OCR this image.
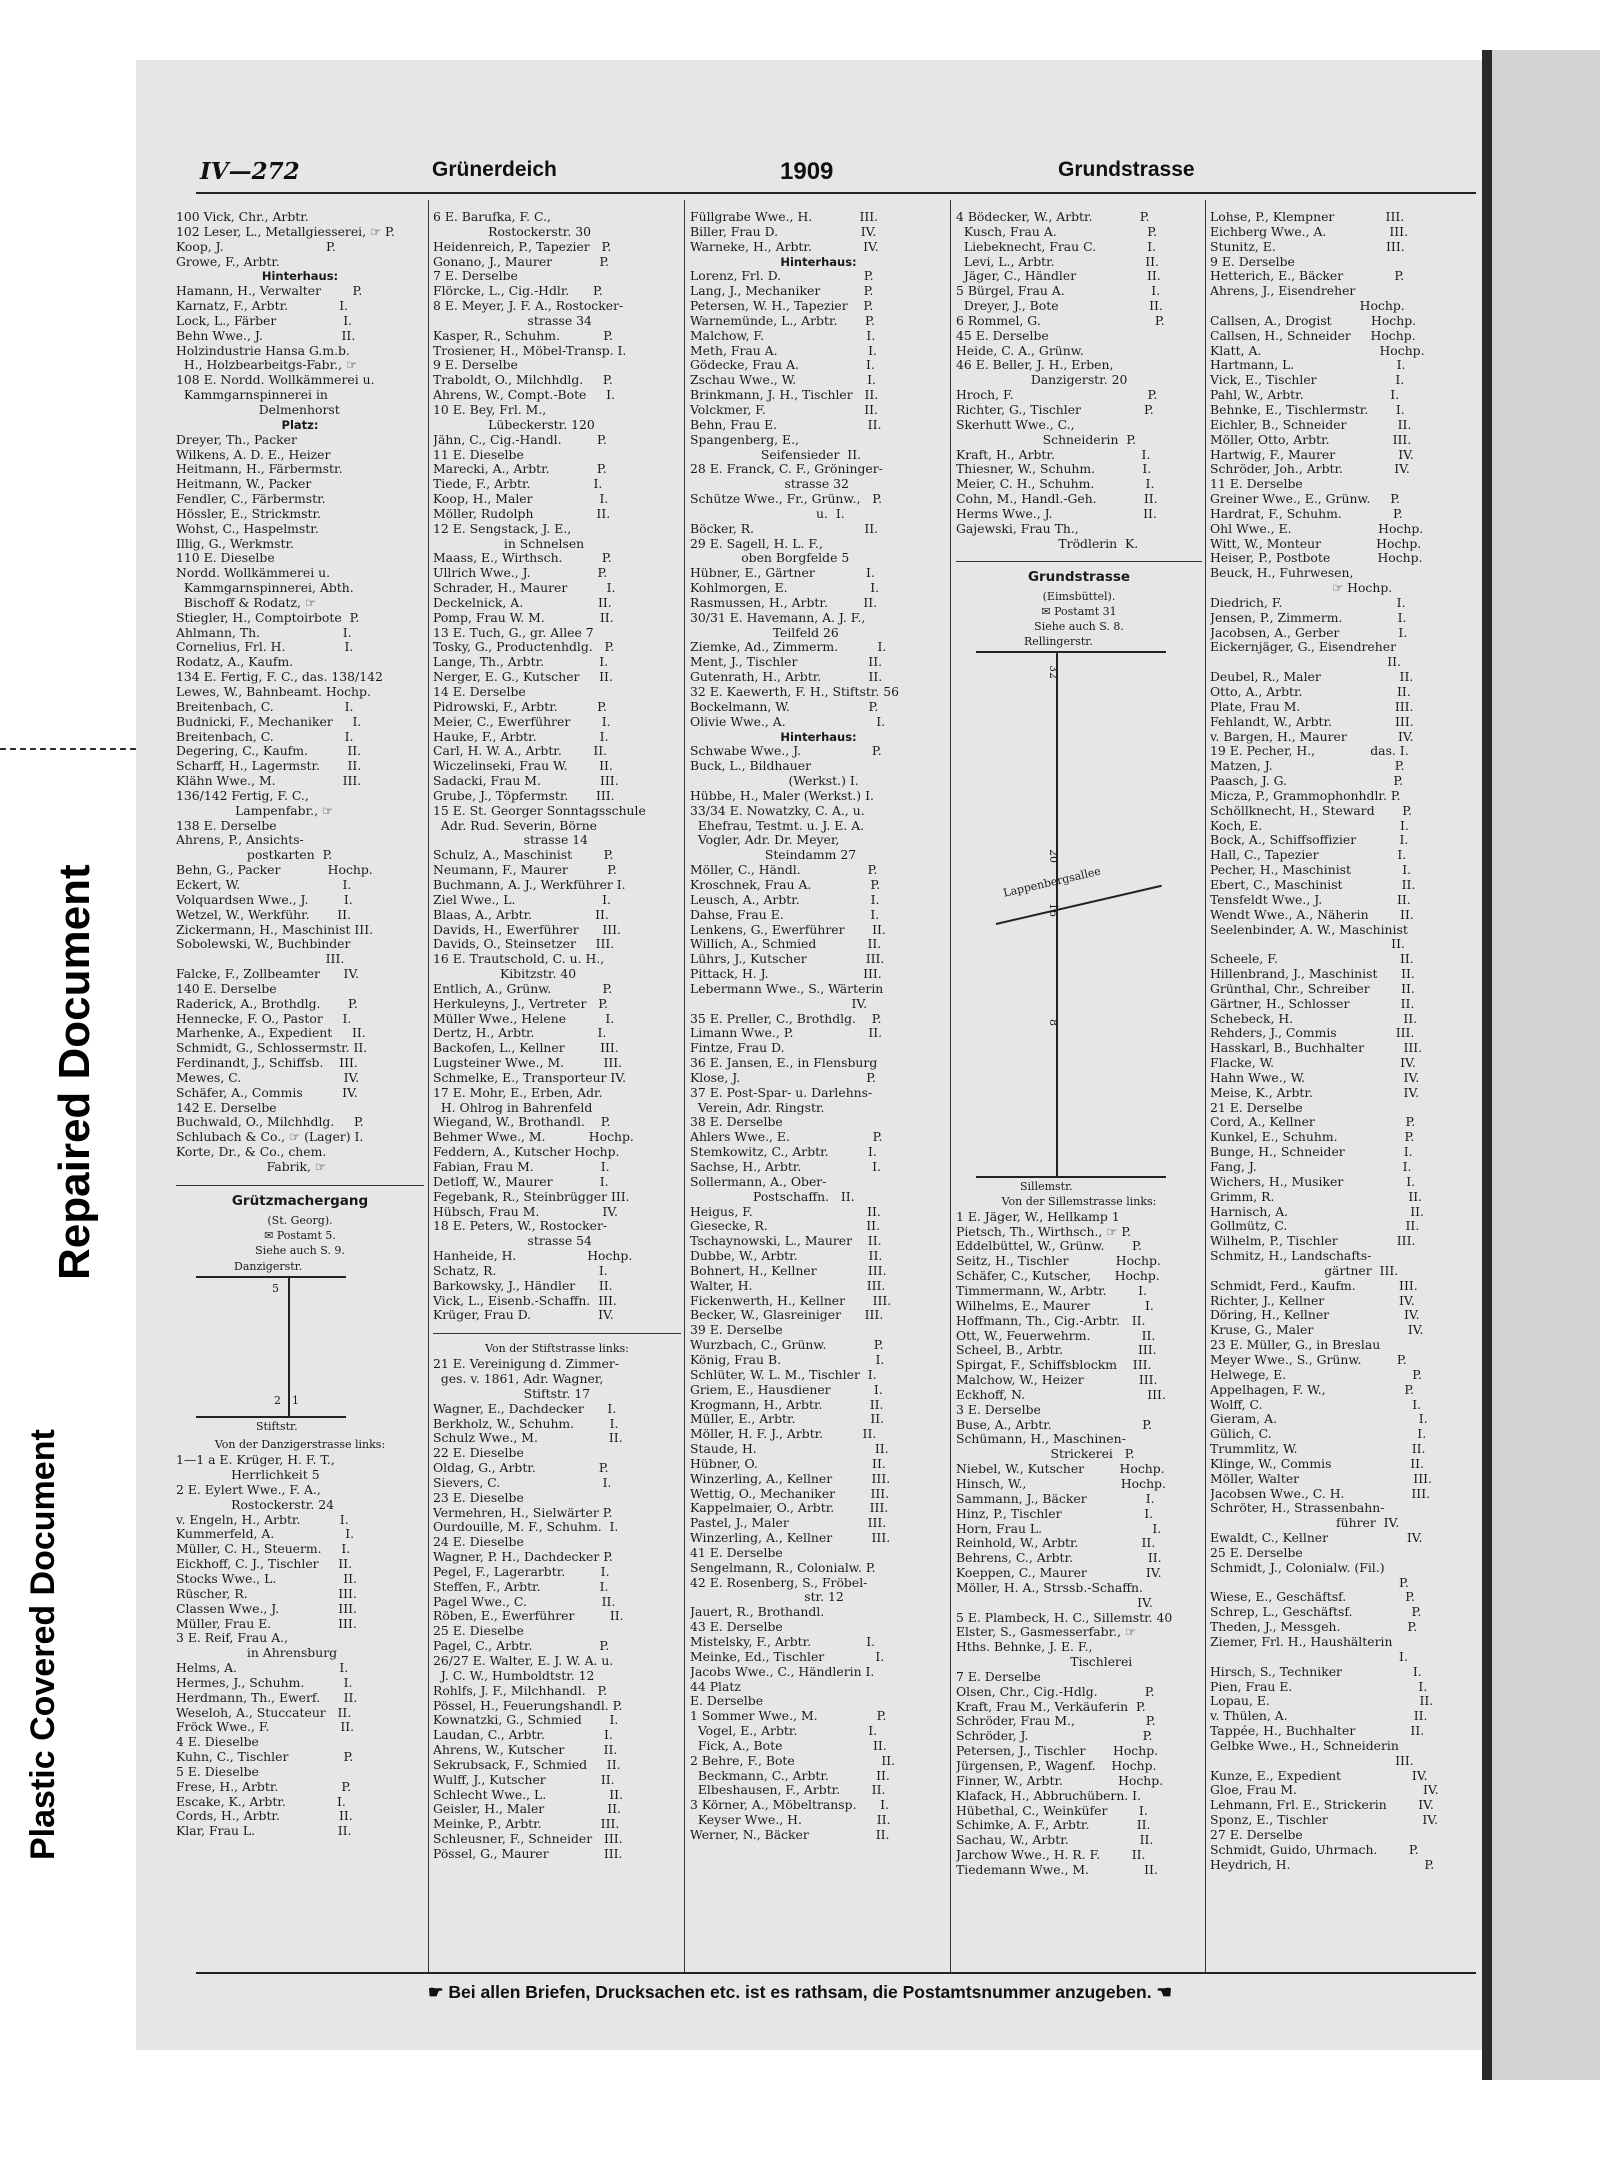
Repaired Document
Plastic Covered Document
IV—272	Grünerdeich	1909	Grundstrasse
100 Vick, Chr., Arbtr.
102 Leser, L., Metallgiesserei, ☞ P.
Koop, J.                          P.
Growe, F., Arbtr.
Hinterhaus:
Hamann, H., Verwalter        P.
Karnatz, F., Arbtr.             I.
Lock, L., Färber                 I.
Behn Wwe., J.                    II.
Holzindustrie Hansa G.m.b.
H., Holzbearbeitgs-Fabr., ☞
108 E. Nordd. Wollkämmerei u.
Kammgarnspinnerei in
Delmenhorst
Platz:
Dreyer, Th., Packer
Wilkens, A. D. E., Heizer
Heitmann, H., Färbermstr.
Heitmann, W., Packer
Fendler, C., Färbermstr.
Hössler, E., Strickmstr.
Wohst, C., Haspelmstr.
Illig, G., Werkmstr.
110 E. Dieselbe
Nordd. Wollkämmerei u.
Kammgarnspinnerei, Abth.
Bischoff & Rodatz, ☞
Stiegler, H., Comptoirbote  P.
Ahlmann, Th.                     I.
Cornelius, Frl. H.               I.
Rodatz, A., Kaufm.
134 E. Fertig, F. C., das. 138/142
Lewes, W., Bahnbeamt. Hochp.
Breitenbach, C.                  I.
Budnicki, F., Mechaniker     I.
Breitenbach, C.                  I.
Degering, C., Kaufm.          II.
Scharff, H., Lagermstr.       II.
Klähn Wwe., M.                 III.
136/142 Fertig, F. C.,
Lampenfabr., ☞
138 E. Derselbe
Ahrens, P., Ansichts-
postkarten  P.
Behn, G., Packer            Hochp.
Eckert, W.                          I.
Volquardsen Wwe., J.         I.
Wetzel, W., Werkführ.       II.
Zickermann, H., Maschinist III.
Sobolewski, W., Buchbinder
III.
Falcke, F., Zollbeamter      IV.
140 E. Derselbe
Raderick, A., Brothdlg.       P.
Hennecke, F. O., Pastor     I.
Marhenke, A., Expedient     II.
Schmidt, G., Schlossermstr. II.
Ferdinandt, J., Schiffsb.    III.
Mewes, C.                          IV.
Schäfer, A., Commis          IV.
142 E. Derselbe
Buchwald, O., Milchhdlg.     P.
Schlubach & Co., ☞ (Lager) I.
Korte, Dr., & Co., chem.
Fabrik, ☞
Grützmachergang
(St. Georg).
✉ Postamt 5.
Siehe auch S. 9.
Danzigerstr.
5
2 1
Stiftstr.
Von der Danzigerstrasse links:
1—1 a E. Krüger, H. F. T.,
Herrlichkeit 5
2 E. Eylert Wwe., F. A.,
Rostockerstr. 24
v. Engeln, H., Arbtr.          I.
Kummerfeld, A.                  I.
Müller, C. H., Steuerm.     I.
Eickhoff, C. J., Tischler     II.
Stocks Wwe., L.                 II.
Rüscher, R.                       III.
Classen Wwe., J.               III.
Müller, Frau E.                 III.
3 E. Reif, Frau A.,
in Ahrensburg
Helms, A.                          I.
Hermes, J., Schuhm.          I.
Herdmann, Th., Ewerf.      II.
Weseloh, A., Stuccateur   II.
Fröck Wwe., F.                  II.
4 E. Dieselbe
Kuhn, C., Tischler              P.
5 E. Dieselbe
Frese, H., Arbtr.                P.
Escake, K., Arbtr.             I.
Cords, H., Arbtr.               II.
Klar, Frau L.                     II.
6 E. Barufka, F. C.,
Rostockerstr. 30
Heidenreich, P., Tapezier   P.
Gonano, J., Maurer            P.
7 E. Derselbe
Flörcke, L., Cig.-Hdlr.      P.
8 E. Meyer, J. F. A., Rostocker-
strasse 34
Kasper, R., Schuhm.           P.
Trosiener, H., Möbel-Transp. I.
9 E. Derselbe
Traboldt, O., Milchhdlg.     P.
Ahrens, W., Compt.-Bote     I.
10 E. Bey, Frl. M.,
Lübeckerstr. 120
Jähn, C., Cig.-Handl.         P.
11 E. Dieselbe
Marecki, A., Arbtr.            P.
Tiede, F., Arbtr.                I.
Koop, H., Maler                 I.
Möller, Rudolph                II.
12 E. Sengstack, J. E.,
in Schnelsen
Maass, E., Wirthsch.          P.
Ullrich Wwe., J.                 P.
Schrader, H., Maurer          I.
Deckelnick, A.                   II.
Pomp, Frau W. M.              II.
13 E. Tuch, G., gr. Allee 7
Tosky, G., Productenhdlg.   P.
Lange, Th., Arbtr.              I.
Nerger, E. G., Kutscher     II.
14 E. Derselbe
Pidrowski, F., Arbtr.          P.
Meier, C., Ewerführer        I.
Hauke, F., Arbtr.                I.
Carl, H. W. A., Arbtr.        II.
Wiczelinseki, Frau W.        II.
Sadacki, Frau M.               III.
Grube, J., Töpfermstr.       III.
15 E. St. Georger Sonntagsschule
Adr. Rud. Severin, Börne
strasse 14
Schulz, A., Maschinist        P.
Neumann, F., Maurer          P.
Buchmann, A. J., Werkführer I.
Ziel Wwe., L.                      I.
Blaas, A., Arbtr.                II.
Davids, H., Ewerführer      III.
Davids, O., Steinsetzer     III.
16 E. Trautschold, C. u. H.,
Kibitzstr. 40
Entlich, A., Grünw.             P.
Herkuleyns, J., Vertreter   P.
Müller Wwe., Helene          I.
Dertz, H., Arbtr.                I.
Backofen, L., Kellner         III.
Lugsteiner Wwe., M.          III.
Schmelke, E., Transporteur IV.
17 E. Mohr, E., Erben, Adr.
H. Ohlrog in Bahrenfeld
Wiegand, W., Brothandl.    P.
Behmer Wwe., M.           Hochp.
Feddern, A., Kutscher Hochp.
Fabian, Frau M.                 I.
Detloff, W., Maurer            I.
Fegebank, R., Steinbrügger III.
Hübsch, Frau M.                IV.
18 E. Peters, W., Rostocker-
strasse 54
Hanheide, H.                  Hochp.
Schatz, R.                          I.
Barkowsky, J., Händler      II.
Vick, L., Eisenb.-Schaffn.  III.
Krüger, Frau D.                 IV.
Von der Stiftstrasse links:
21 E. Vereinigung d. Zimmer-
ges. v. 1861, Adr. Wagner,
Stiftstr. 17
Wagner, E., Dachdecker      I.
Berkholz, W., Schuhm.         I.
Schulz Wwe., M.                  II.
22 E. Dieselbe
Oldag, G., Arbtr.                P.
Sievers, C.                          I.
23 E. Dieselbe
Vermehren, H., Sielwärter P.
Ourdouille, M. F., Schuhm.  I.
24 E. Dieselbe
Wagner, P. H., Dachdecker P.
Pegel, F., Lagerarbtr.         I.
Steffen, F., Arbtr.               I.
Pagel Wwe., C.                   II.
Röben, E., Ewerführer         II.
25 E. Dieselbe
Pagel, C., Arbtr.                 P.
26/27 E. Walter, E. J. W. A. u.
J. C. W., Humboldtstr. 12
Rohlfs, J. F., Milchhandl.   P.
Pössel, H., Feuerungshandl. P.
Kownatzki, G., Schmied       I.
Laudan, C., Arbtr.               I.
Ahrens, W., Kutscher          II.
Sekrubsack, F., Schmied     II.
Wulff, J., Kutscher              II.
Schlecht Wwe., L.                II.
Geisler, H., Maler                II.
Meinke, P., Arbtr.               III.
Schleusner, F., Schneider   III.
Pössel, G., Maurer              III.
Füllgrabe Wwe., H.            III.
Biller, Frau D.                     IV.
Warneke, H., Arbtr.             IV.
Hinterhaus:
Lorenz, Frl. D.                     P.
Lang, J., Mechaniker           P.
Petersen, W. H., Tapezier    P.
Warnemünde, L., Arbtr.       P.
Malchow, F.                          I.
Meth, Frau A.                       I.
Gödecke, Frau A.                 I.
Zschau Wwe., W.                  I.
Brinkmann, J. H., Tischler   II.
Volckmer, F.                         II.
Behn, Frau E.                       II.
Spangenberg, E.,
Seifensieder  II.
28 E. Franck, C. F., Gröninger-
strasse 32
Schütze Wwe., Fr., Grünw.,   P.
u.  I.
Böcker, R.                            II.
29 E. Sagell, H. L. F.,
oben Borgfelde 5
Hübner, E., Gärtner             I.
Kohlmorgen, E.                     I.
Rasmussen, H., Arbtr.         II.
30/31 E. Havemann, A. J. F.,
Teilfeld 26
Ziemke, Ad., Zimmerm.          I.
Ment, J., Tischler                  II.
Gutenrath, H., Arbtr.            II.
32 E. Kaewerth, F. H., Stiftstr. 56
Bockelmann, W.                    P.
Olivie Wwe., A.                       I.
Hinterhaus:
Schwabe Wwe., J.                  P.
Buck, L., Bildhauer
(Werkst.) I.
Hübbe, H., Maler (Werkst.) I.
33/34 E. Nowatzky, C. A., u.
Ehefrau, Testmt. u. J. E. A.
Vogler, Adr. Dr. Meyer,
Steindamm 27
Möller, C., Händl.                 P.
Kroschnek, Frau A.               P.
Leusch, A., Arbtr.                  I.
Dahse, Frau E.                      I.
Lenkens, G., Ewerführer       II.
Willich, A., Schmied             II.
Lührs, J., Kutscher               III.
Pittack, H. J.                        III.
Lebermann Wwe., S., Wärterin
IV.
35 E. Preller, C., Brothdlg.    P.
Limann Wwe., P.                   II.
Fintze, Frau D.
36 E. Jansen, E., in Flensburg
Klose, J.                                P.
37 E. Post-Spar- u. Darlehns-
Verein, Adr. Ringstr.
38 E. Derselbe
Ahlers Wwe., E.                     P.
Stemkowitz, C., Arbtr.          I.
Sachse, H., Arbtr.                  I.
Sollermann, A., Ober-
Postschaffn.   II.
Heigus, F.                             II.
Giesecke, R.                         II.
Tschaynowski, L., Maurer    II.
Dubbe, W., Arbtr.                  II.
Bohnert, H., Kellner             III.
Walter, H.                             III.
Fickenwerth, H., Kellner       III.
Becker, W., Glasreiniger      III.
39 E. Derselbe
Wurzbach, C., Grünw.            P.
König, Frau B.                        I.
Schlüter, W. L. M., Tischler  I.
Griem, E., Hausdiener           I.
Krogmann, H., Arbtr.            II.
Müller, E., Arbtr.                   II.
Möller, H. F. J., Arbtr.          II.
Staude, H.                              II.
Hübner, O.                             II.
Winzerling, A., Kellner          III.
Wettig, O., Mechaniker         III.
Kappelmaier, O., Arbtr.         III.
Pastel, J., Maler                    III.
Winzerling, A., Kellner          III.
41 E. Derselbe
Sengelmann, R., Colonialw. P.
42 E. Rosenberg, S., Fröbel-
str. 12
Jauert, R., Brothandl.
43 E. Derselbe
Mistelsky, F., Arbtr.              I.
Meinke, Ed., Tischler             I.
Jacobs Wwe., C., Händlerin I.
44 Platz
E. Derselbe
1 Sommer Wwe., M.               P.
Vogel, E., Arbtr.                  I.
Fick, A., Bote                       II.
2 Behre, F., Bote                      II.
Beckmann, C., Arbtr.            II.
Elbeshausen, F., Arbtr.        II.
3 Körner, A., Möbeltransp.      I.
Keyser Wwe., H.                   II.
Werner, N., Bäcker                 II.
4 Bödecker, W., Arbtr.            P.
Kusch, Frau A.                       P.
Liebeknecht, Frau C.             I.
Levi, L., Arbtr.                       II.
Jäger, C., Händler                  II.
5 Bürgel, Frau A.                      I.
Dreyer, J., Bote                       II.
6 Rommel, G.                             P.
45 E. Derselbe
Heide, C. A., Grünw.
46 E. Beller, J. H., Erben,
Danzigerstr. 20
Hroch, F.                                  P.
Richter, G., Tischler                P.
Skerhutt Wwe., C.,
Schneiderin  P.
Kraft, H., Arbtr.                      I.
Thiesner, W., Schuhm.            I.
Meier, C. H., Schuhm.             I.
Cohn, M., Handl.-Geh.            II.
Herms Wwe., J.                       II.
Gajewski, Frau Th.,
Trödlerin  K.
Grundstrasse
(Eimsbüttel).
✉ Postamt 31
Siehe auch S. 8.
Rellingerstr.
32
Lappenbergsallee
20
16
8
Sillemstr.
Von der Sillemstrasse links:
1 E. Jäger, W., Hellkamp 1
Pietsch, Th., Wirthsch., ☞ P.
Eddelbüttel, W., Grünw.       P.
Seitz, H., Tischler            Hochp.
Schäfer, C., Kutscher,      Hochp.
Timmermann, W., Arbtr.        I.
Wilhelms, E., Maurer              I.
Hoffmann, Th., Cig.-Arbtr.   II.
Ott, W., Feuerwehrm.             II.
Scheel, B., Arbtr.                   III.
Spirgat, F., Schiffsblockm    III.
Malchow, W., Heizer              III.
Eckhoff, N.                               III.
3 E. Derselbe
Buse, A., Arbtr.                       P.
Schümann, H., Maschinen-
Strickerei   P.
Niebel, W., Kutscher         Hochp.
Hinsch, W.,                        Hochp.
Sammann, J., Bäcker               I.
Hinz, P., Tischler                     I.
Horn, Frau L.                            I.
Reinhold, W., Arbtr.                II.
Behrens, C., Arbtr.                   II.
Koeppen, C., Maurer               IV.
Möller, H. A., Strssb.-Schaffn.
IV.
5 E. Plambeck, H. C., Sillemstr. 40
Elster, S., Gasmesserfabr., ☞
Hths. Behnke, J. E. F.,
Tischlerei
7 E. Derselbe
Olsen, Chr., Cig.-Hdlg.            P.
Kraft, Frau M., Verkäuferin  P.
Schröder, Frau M.,                  P.
Schröder, J.                             P.
Petersen, J., Tischler       Hochp.
Jürgensen, P., Wagenf.    Hochp.
Finner, W., Arbtr.              Hochp.
Klafack, H., Abbruchübern. I.
Hübethal, C., Weinküfer        I.
Schimke, A. F., Arbtr.            II.
Sachau, W., Arbtr.                  II.
Jarchow Wwe., H. R. F.        II.
Tiedemann Wwe., M.              II.
Lohse, P., Klempner             III.
Eichberg Wwe., A.                III.
Stunitz, E.                            III.
9 E. Derselbe
Hetterich, E., Bäcker             P.
Ahrens, J., Eisendreher
Hochp.
Callsen, A., Drogist          Hochp.
Callsen, H., Schneider     Hochp.
Klatt, A.                              Hochp.
Hartmann, L.                          I.
Vick, E., Tischler                    I.
Pahl, W., Arbtr.                      I.
Behnke, E., Tischlermstr.       I.
Eichler, B., Schneider             II.
Möller, Otto, Arbtr.                III.
Hartwig, F., Maurer                IV.
Schröder, Joh., Arbtr.             IV.
11 E. Derselbe
Greiner Wwe., E., Grünw.     P.
Hardrat, F., Schuhm.             P.
Ohl Wwe., E.                      Hochp.
Witt, W., Monteur              Hochp.
Heiser, P., Postbote            Hochp.
Beuck, H., Fuhrwesen,
☞ Hochp.
Diedrich, F.                             I.
Jensen, P., Zimmerm.              I.
Jacobsen, A., Gerber               I.
Eickernjäger, G., Eisendreher
II.
Deubel, R., Maler                    II.
Otto, A., Arbtr.                        II.
Plate, Frau M.                        III.
Fehlandt, W., Arbtr.                III.
v. Bargen, H., Maurer             IV.
19 E. Pecher, H.,              das. I.
Matzen, J.                               P.
Paasch, J. G.                           P.
Micza, P., Grammophonhdlr. P.
Schöllknecht, H., Steward       P.
Koch, E.                                   I.
Bock, A., Schiffsoffizier           I.
Hall, C., Tapezier                    I.
Pecher, H., Maschinist             I.
Ebert, C., Maschinist               II.
Tensfeldt Wwe., J.                   II.
Wendt Wwe., A., Näherin        II.
Seelenbinder, A. W., Maschinist
II.
Scheele, F.                               II.
Hillenbrand, J., Maschinist      II.
Grünthal, Chr., Schreiber        II.
Gärtner, H., Schlosser             II.
Schebeck, H.                            II.
Rehders, J., Commis               III.
Hasskarl, B., Buchhalter          III.
Flacke, W.                                IV.
Hahn Wwe., W.                         IV.
Meise, K., Arbtr.                       IV.
21 E. Derselbe
Cord, A., Kellner                       P.
Kunkel, E., Schuhm.                 P.
Bunge, H., Schneider               I.
Fang, J.                                     I.
Wichers, H., Musiker                I.
Grimm, R.                                  II.
Harnisch, A.                               II.
Gollmütz, C.                              II.
Wilhelm, P., Tischler               III.
Schmitz, H., Landschafts-
gärtner  III.
Schmidt, Ferd., Kaufm.           III.
Richter, J., Kellner                   IV.
Döring, H., Kellner                   IV.
Kruse, G., Maler                        IV.
23 E. Müller, G., in Breslau
Meyer Wwe., S., Grünw.         P.
Helwege, E.                                P.
Appelhagen, F. W.,                    P.
Wolff, C.                                      I.
Gieram, A.                                    I.
Gülich, C.                                     I.
Trummlitz, W.                             II.
Klinge, W., Commis                    II.
Möller, Walter                             III.
Jacobsen Wwe., C. H.                 III.
Schröter, H., Strassenbahn-
führer  IV.
Ewaldt, C., Kellner                    IV.
25 E. Derselbe
Schmidt, J., Colonialw. (Fil.)
P.
Wiese, E., Geschäftsf.               P.
Schrep, L., Geschäftsf.               P.
Theden, J., Messgeh.                 P.
Ziemer, Frl. H., Haushälterin
I.
Hirsch, S., Techniker                  I.
Pien, Frau E.                                I.
Lopau, E.                                      II.
v. Thülen, A.                                II.
Tappée, H., Buchhalter              II.
Gelbke Wwe., H., Schneiderin
III.
Kunze, E., Expedient                  IV.
Gloe, Frau M.                                IV.
Lehmann, Frl. E., Strickerin        IV.
Sponz, E., Tischler                        IV.
27 E. Derselbe
Schmidt, Guido, Uhrmach.        P.
Heydrich, H.                                  P.
☛ Bei allen Briefen, Drucksachen etc. ist es rathsam, die Postamtsnummer anzugeben. ☚
